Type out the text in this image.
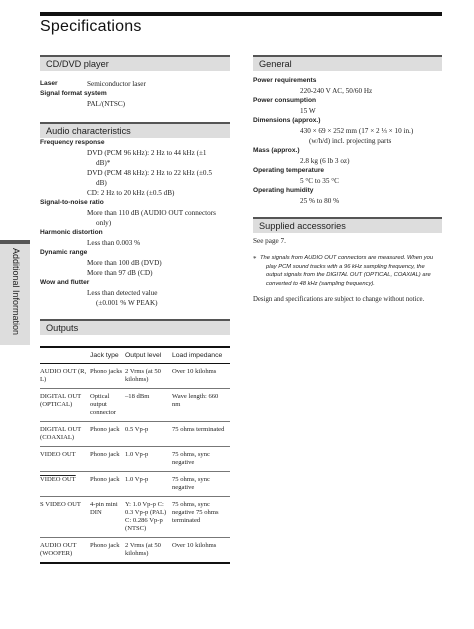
Specifications
Additional Information
CD/DVD player
Laser	Semiconductor laser
Signal format system
PAL/(NTSC)
Audio characteristics
Frequency response
DVD (PCM 96 kHz): 2 Hz to 44 kHz (±1
dB)*
DVD (PCM 48 kHz): 2 Hz to 22 kHz (±0.5
dB)
CD: 2 Hz to 20 kHz (±0.5 dB)
Signal-to-noise ratio
More than 110 dB (AUDIO OUT connectors
only)
Harmonic distortion
Less than 0.003 %
Dynamic range
More than 100 dB (DVD)
More than 97 dB (CD)
Wow and flutter
Less than detected value
(±0.001 % W PEAK)
Outputs
	Jack type	Output level	Load impedance
AUDIO OUT (R, L)	Phono jacks	2 Vrms (at 50 kilohms)	Over 10 kilohms
DIGITAL OUT (OPTICAL)	Optical output connector	–18 dBm	Wave length: 660 nm
DIGITAL OUT (COAXIAL)	Phono jack	0.5 Vp-p	75 ohms terminated
VIDEO OUT	Phono jack	1.0 Vp-p	75 ohms, sync negative
VIDEO OUT	Phono jack	1.0 Vp-p	75 ohms, sync negative
S VIDEO OUT	4-pin mini DIN	Y: 1.0 Vp-p C: 0.3 Vp-p (PAL) C: 0.286 Vp-p (NTSC)	75 ohms, sync negative 75 ohms terminated
AUDIO OUT (WOOFER)	Phono jack	2 Vrms (at 50 kilohms)	Over 10 kilohms
General
Power requirements
220-240 V AC, 50/60 Hz
Power consumption
15 W
Dimensions (approx.)
430 × 69 × 252 mm (17 × 2 ⅓ × 10 in.)
(w/h/d) incl. projecting parts
Mass (approx.)
2.8 kg (6 lb 3 oz)
Operating temperature
5 °C to 35 °C
Operating humidity
25 % to 80 %
Supplied accessories
See page 7.
* The signals from AUDIO OUT connectors are measured. When you
play PCM sound tracks with a 96 kHz sampling frequency, the
output signals from the DIGITAL OUT (OPTICAL, COAXIAL) are
converted to 48 kHz (sampling frequency).
Design and specifications are subject to change without notice.
